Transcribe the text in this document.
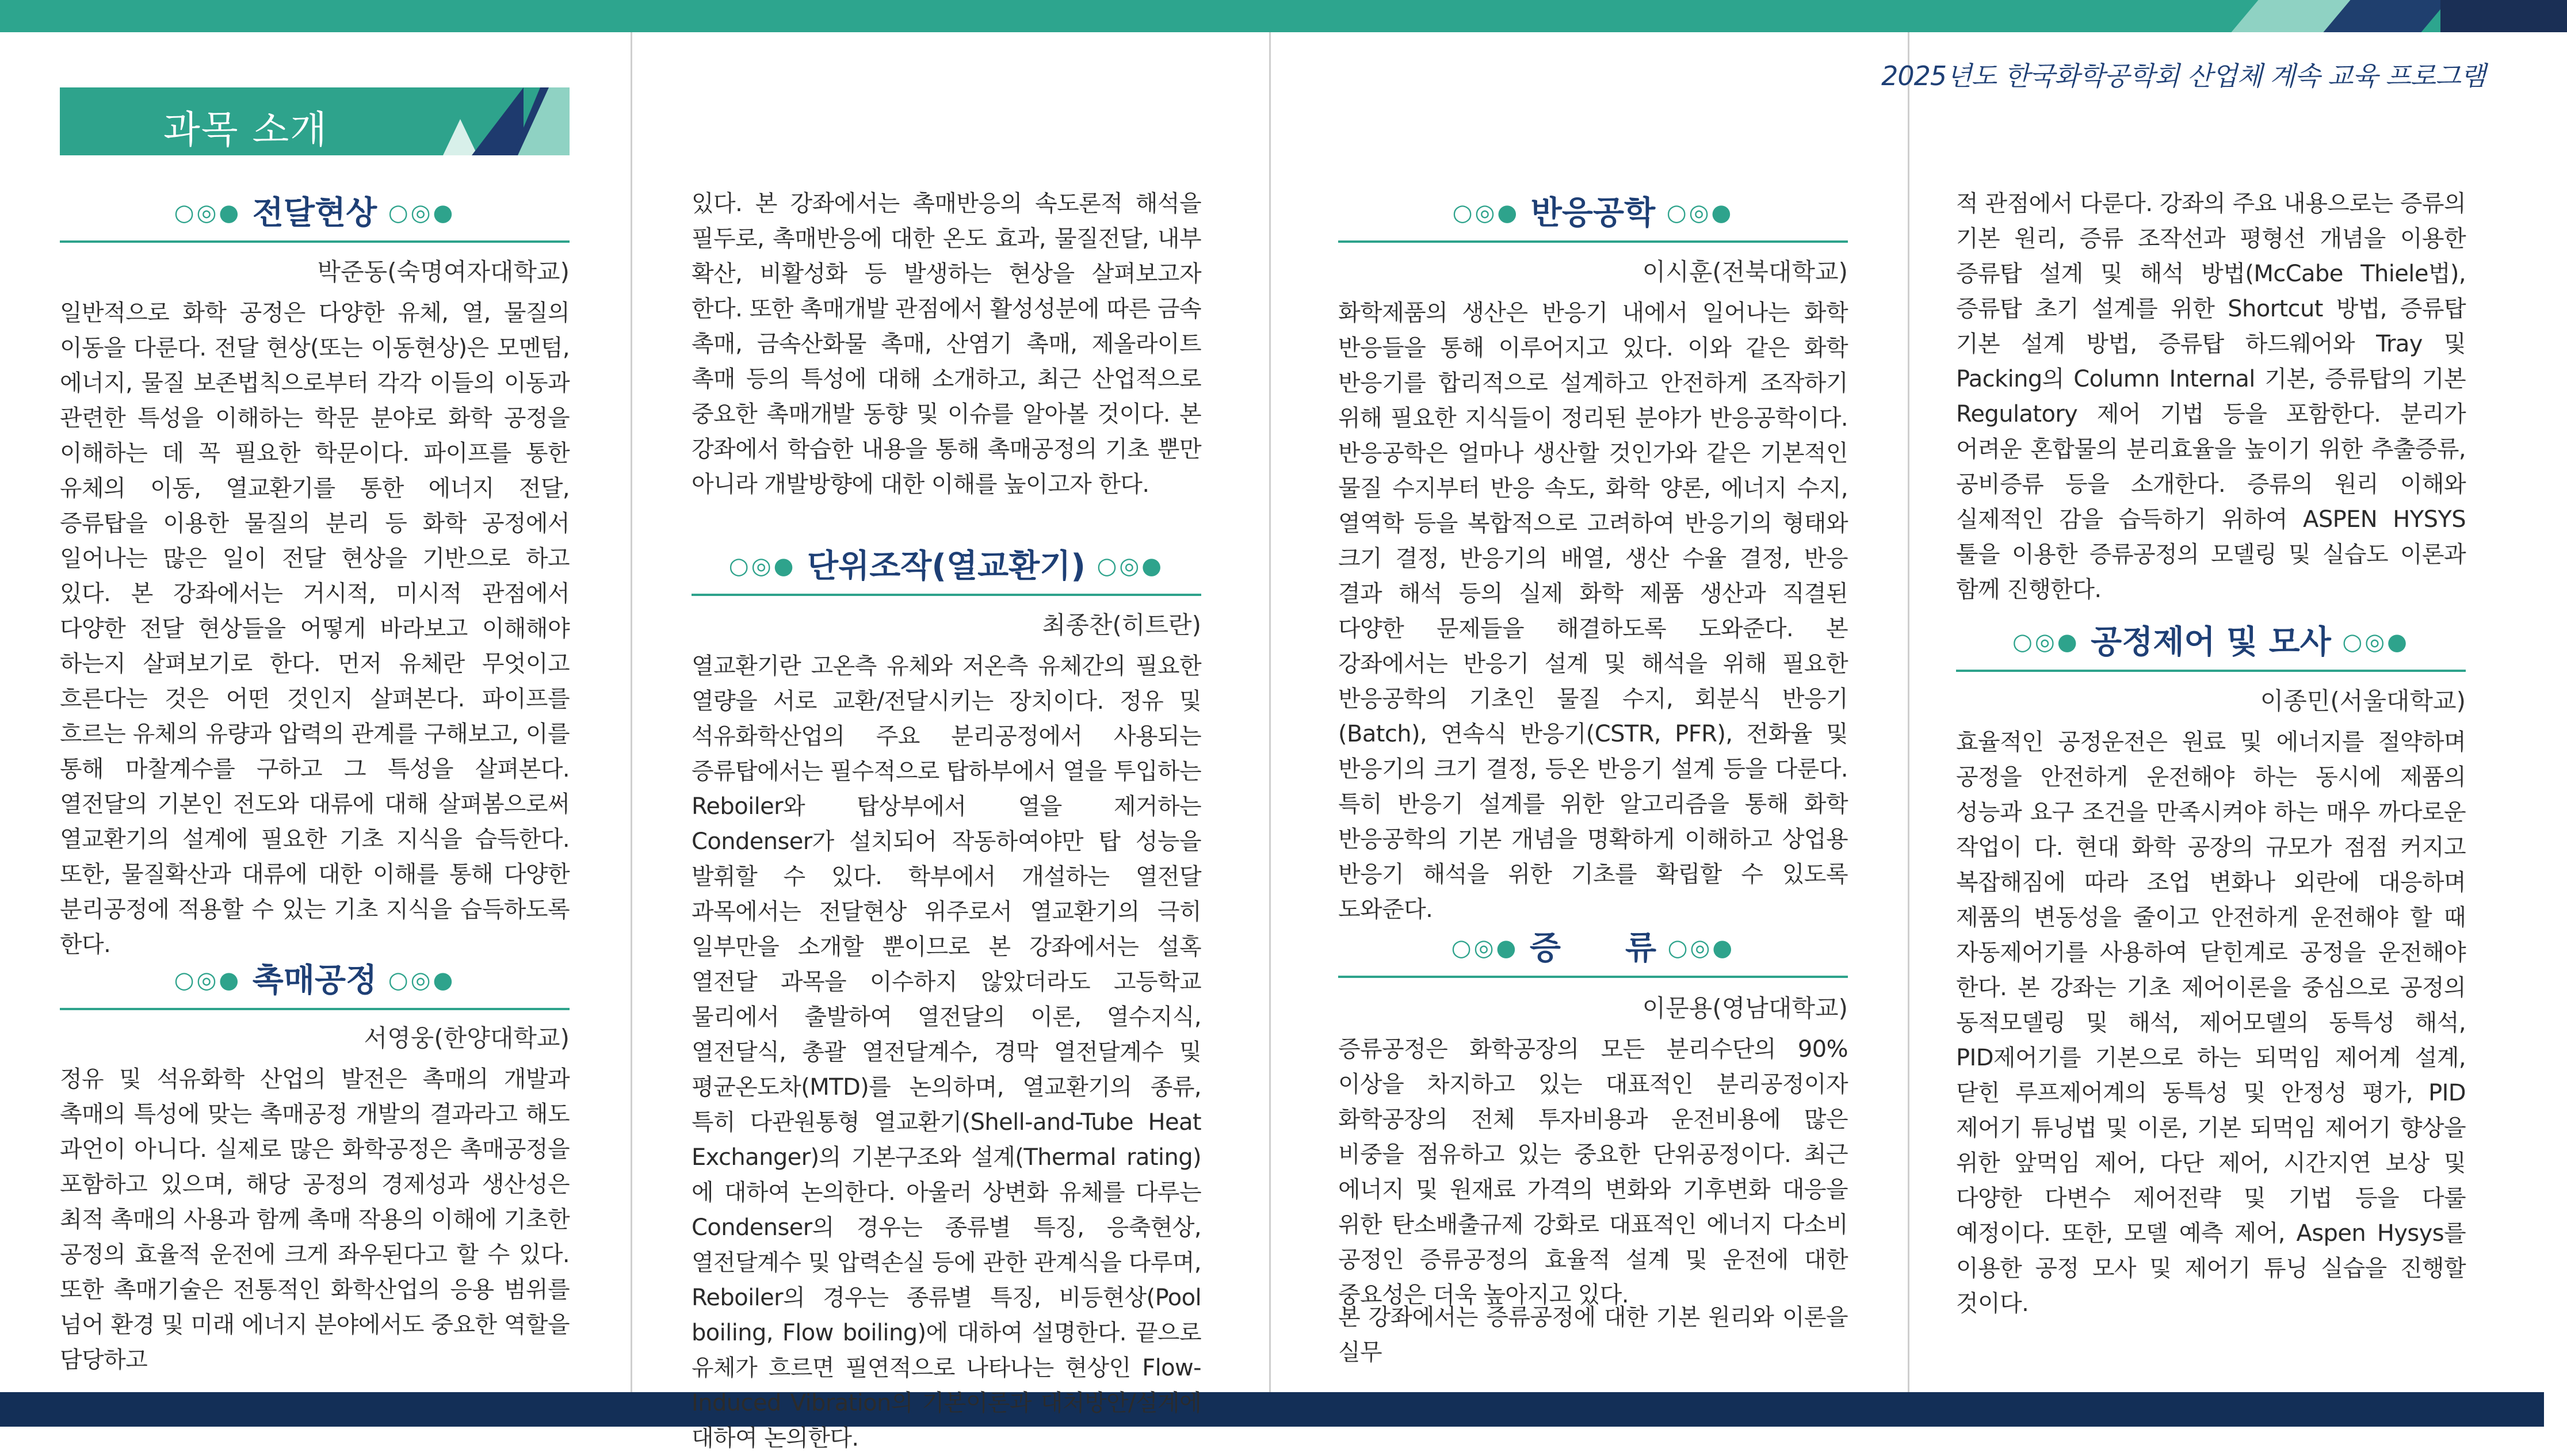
2025년도 한국화학공학회 산업체 계속 교육 프로그램
과목 소개
○◎● 전달현상 ○◎●
박준동(숙명여자대학교)
일반적으로 화학 공정은 다양한 유체, 열, 물질의 이동을 다룬다. 전달 현상(또는 이동현상)은 모멘텀, 에너지, 물질 보존법칙으로부터 각각 이들의 이동과 관련한 특성을 이해하는 학문 분야로 화학 공정을 이해하는 데 꼭 필요한 학문이다. 파이프를 통한 유체의 이동, 열교환기를 통한 에너지 전달, 증류탑을 이용한 물질의 분리 등 화학 공정에서 일어나는 많은 일이 전달 현상을 기반으로 하고 있다. 본 강좌에서는 거시적, 미시적 관점에서 다양한 전달 현상들을 어떻게 바라보고 이해해야 하는지 살펴보기로 한다. 먼저 유체란 무엇이고 흐른다는 것은 어떤 것인지 살펴본다. 파이프를 흐르는 유체의 유량과 압력의 관계를 구해보고, 이를 통해 마찰계수를 구하고 그 특성을 살펴본다. 열전달의 기본인 전도와 대류에 대해 살펴봄으로써 열교환기의 설계에 필요한 기초 지식을 습득한다. 또한, 물질확산과 대류에 대한 이해를 통해 다양한 분리공정에 적용할 수 있는 기초 지식을 습득하도록 한다.
○◎● 촉매공정 ○◎●
서영웅(한양대학교)
정유 및 석유화학 산업의 발전은 촉매의 개발과 촉매의 특성에 맞는 촉매공정 개발의 결과라고 해도 과언이 아니다. 실제로 많은 화학공정은 촉매공정을 포함하고 있으며, 해당 공정의 경제성과 생산성은 최적 촉매의 사용과 함께 촉매 작용의 이해에 기초한 공정의 효율적 운전에 크게 좌우된다고 할 수 있다. 또한 촉매기술은 전통적인 화학산업의 응용 범위를 넘어 환경 및 미래 에너지 분야에서도 중요한 역할을 담당하고
있다. 본 강좌에서는 촉매반응의 속도론적 해석을 필두로, 촉매반응에 대한 온도 효과, 물질전달, 내부 확산, 비활성화 등 발생하는 현상을 살펴보고자 한다. 또한 촉매개발 관점에서 활성성분에 따른 금속 촉매, 금속산화물 촉매, 산염기 촉매, 제올라이트 촉매 등의 특성에 대해 소개하고, 최근 산업적으로 중요한 촉매개발 동향 및 이슈를 알아볼 것이다. 본 강좌에서 학습한 내용을 통해 촉매공정의 기초 뿐만 아니라 개발방향에 대한 이해를 높이고자 한다.
○◎● 단위조작(열교환기) ○◎●
최종찬(히트란)
열교환기란 고온측 유체와 저온측 유체간의 필요한 열량을 서로 교환/전달시키는 장치이다. 정유 및 석유화학산업의 주요 분리공정에서 사용되는 증류탑에서는 필수적으로 탑하부에서 열을 투입하는 Reboiler와 탑상부에서 열을 제거하는 Condenser가 설치되어 작동하여야만 탑 성능을 발휘할 수 있다. 학부에서 개설하는 열전달 과목에서는 전달현상 위주로서 열교환기의 극히 일부만을 소개할 뿐이므로 본 강좌에서는 설혹 열전달 과목을 이수하지 않았더라도 고등학교 물리에서 출발하여 열전달의 이론, 열수지식, 열전달식, 총괄 열전달계수, 경막 열전달계수 및 평균온도차(MTD)를 논의하며, 열교환기의 종류, 특히 다관원통형 열교환기(Shell-and-Tube Heat Exchanger)의 기본구조와 설계(Thermal rating)에 대하여 논의한다. 아울러 상변화 유체를 다루는 Condenser의 경우는 종류별 특징, 응축현상, 열전달계수 및 압력손실 등에 관한 관계식을 다루며, Reboiler의 경우는 종류별 특징, 비등현상(Pool boiling, Flow boiling)에 대하여 설명한다. 끝으로 유체가 흐르면 필연적으로 나타나는 현상인 Flow-Induced Vibration의 기본이론과 대처방안/설계에 대하여 논의한다.
○◎● 반응공학 ○◎●
이시훈(전북대학교)
화학제품의 생산은 반응기 내에서 일어나는 화학 반응들을 통해 이루어지고 있다. 이와 같은 화학 반응기를 합리적으로 설계하고 안전하게 조작하기 위해 필요한 지식들이 정리된 분야가 반응공학이다. 반응공학은 얼마나 생산할 것인가와 같은 기본적인 물질 수지부터 반응 속도, 화학 양론, 에너지 수지, 열역학 등을 복합적으로 고려하여 반응기의 형태와 크기 결정, 반응기의 배열, 생산 수율 결정, 반응 결과 해석 등의 실제 화학 제품 생산과 직결된 다양한 문제들을 해결하도록 도와준다. 본 강좌에서는 반응기 설계 및 해석을 위해 필요한 반응공학의 기초인 물질 수지, 회분식 반응기(Batch), 연속식 반응기(CSTR, PFR), 전화율 및 반응기의 크기 결정, 등온 반응기 설계 등을 다룬다. 특히 반응기 설계를 위한 알고리즘을 통해 화학 반응공학의 기본 개념을 명확하게 이해하고 상업용 반응기 해석을 위한 기초를 확립할 수 있도록 도와준다.
○◎● 증　　류 ○◎●
이문용(영남대학교)
증류공정은 화학공장의 모든 분리수단의 90% 이상을 차지하고 있는 대표적인 분리공정이자 화학공장의 전체 투자비용과 운전비용에 많은 비중을 점유하고 있는 중요한 단위공정이다. 최근 에너지 및 원재료 가격의 변화와 기후변화 대응을 위한 탄소배출규제 강화로 대표적인 에너지 다소비 공정인 증류공정의 효율적 설계 및 운전에 대한 중요성은 더욱 높아지고 있다.
본 강좌에서는 증류공정에 대한 기본 원리와 이론을 실무
적 관점에서 다룬다. 강좌의 주요 내용으로는 증류의 기본 원리, 증류 조작선과 평형선 개념을 이용한 증류탑 설계 및 해석 방법(McCabe Thiele법), 증류탑 초기 설계를 위한 Shortcut 방법, 증류탑 기본 설계 방법, 증류탑 하드웨어와 Tray 및 Packing의 Column Internal 기본, 증류탑의 기본 Regulatory 제어 기법 등을 포함한다. 분리가 어려운 혼합물의 분리효율을 높이기 위한 추출증류, 공비증류 등을 소개한다. 증류의 원리 이해와 실제적인 감을 습득하기 위하여 ASPEN HYSYS 툴을 이용한 증류공정의 모델링 및 실습도 이론과 함께 진행한다.
○◎● 공정제어 및 모사 ○◎●
이종민(서울대학교)
효율적인 공정운전은 원료 및 에너지를 절약하며 공정을 안전하게 운전해야 하는 동시에 제품의 성능과 요구 조건을 만족시켜야 하는 매우 까다로운 작업이 다. 현대 화학 공장의 규모가 점점 커지고 복잡해짐에 따라 조업 변화나 외란에 대응하며 제품의 변동성을 줄이고 안전하게 운전해야 할 때 자동제어기를 사용하여 닫힌계로 공정을 운전해야 한다. 본 강좌는 기초 제어이론을 중심으로 공정의 동적모델링 및 해석, 제어모델의 동특성 해석, PID제어기를 기본으로 하는 되먹임 제어계 설계, 닫힌 루프제어계의 동특성 및 안정성 평가, PID 제어기 튜닝법 및 이론, 기본 되먹임 제어기 향상을 위한 앞먹임 제어, 다단 제어, 시간지연 보상 및 다양한 다변수 제어전략 및 기법 등을 다룰 예정이다. 또한, 모델 예측 제어, Aspen Hysys를 이용한 공정 모사 및 제어기 튜닝 실습을 진행할 것이다.
